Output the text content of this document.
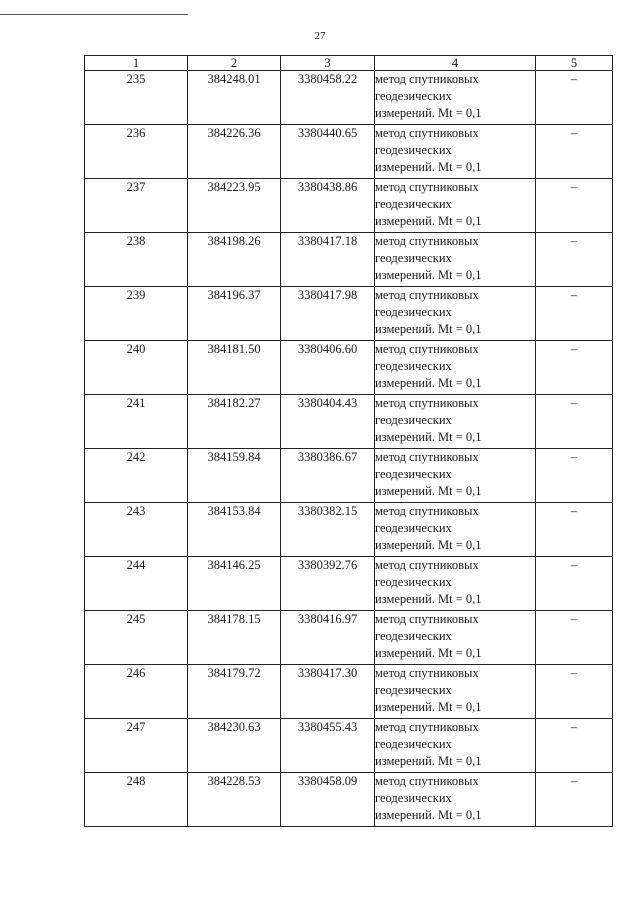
27
1	2	3	4	5
235	384248.01	3380458.22	метод спутниковых
геодезических
измерений. Mt = 0,1	–
236	384226.36	3380440.65	метод спутниковых
геодезических
измерений. Mt = 0,1	–
237	384223.95	3380438.86	метод спутниковых
геодезических
измерений. Mt = 0,1	–
238	384198.26	3380417.18	метод спутниковых
геодезических
измерений. Mt = 0,1	–
239	384196.37	3380417.98	метод спутниковых
геодезических
измерений. Mt = 0,1	–
240	384181.50	3380406.60	метод спутниковых
геодезических
измерений. Mt = 0,1	–
241	384182.27	3380404.43	метод спутниковых
геодезических
измерений. Mt = 0,1	–
242	384159.84	3380386.67	метод спутниковых
геодезических
измерений. Mt = 0,1	–
243	384153.84	3380382.15	метод спутниковых
геодезических
измерений. Mt = 0,1	–
244	384146.25	3380392.76	метод спутниковых
геодезических
измерений. Mt = 0,1	–
245	384178.15	3380416.97	метод спутниковых
геодезических
измерений. Mt = 0,1	–
246	384179.72	3380417.30	метод спутниковых
геодезических
измерений. Mt = 0,1	–
247	384230.63	3380455.43	метод спутниковых
геодезических
измерений. Mt = 0,1	–
248	384228.53	3380458.09	метод спутниковых
геодезических
измерений. Mt = 0,1	–
